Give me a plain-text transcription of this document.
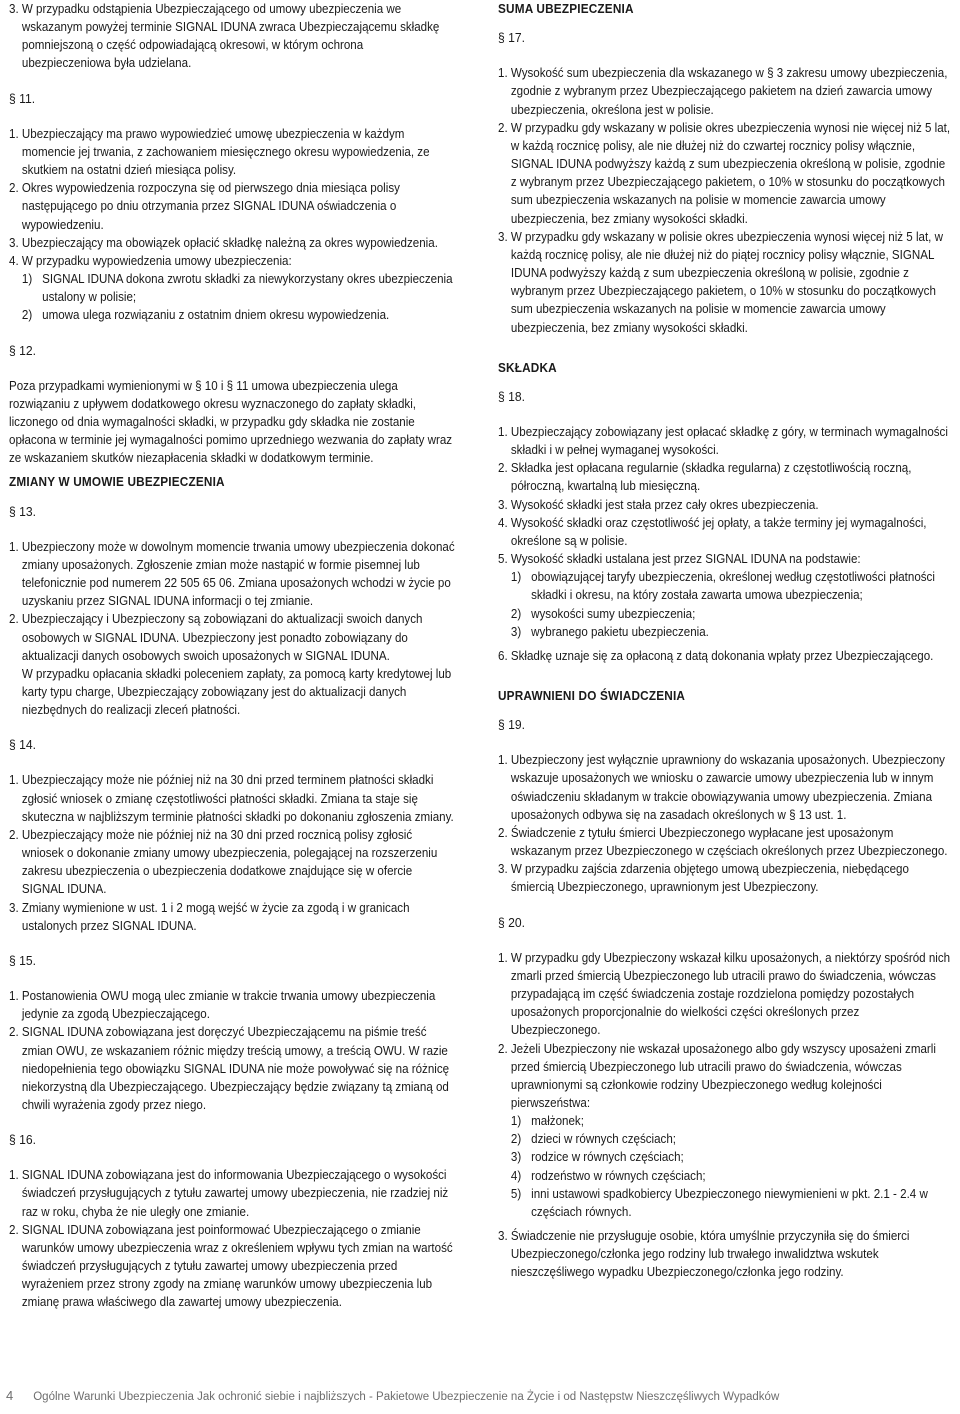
3. W przypadku odstąpienia Ubezpieczającego od umowy ubezpieczenia we wskazanym powyżej terminie SIGNAL IDUNA zwraca Ubezpieczającemu składkę pomniejszoną o część odpowiadającą okresowi, w którym ochrona ubezpieczeniowa była udzielana.
§ 11.
1. Ubezpieczający ma prawo wypowiedzieć umowę ubezpieczenia w każdym momencie jej trwania, z zachowaniem miesięcznego okresu wypowiedzenia, ze skutkiem na ostatni dzień miesiąca polisy.
2. Okres wypowiedzenia rozpoczyna się od pierwszego dnia miesiąca polisy następującego po dniu otrzymania przez SIGNAL IDUNA oświadczenia o wypowiedzeniu.
3. Ubezpieczający ma obowiązek opłacić składkę należną za okres wypowiedzenia.
4. W przypadku wypowiedzenia umowy ubezpieczenia:
1) SIGNAL IDUNA dokona zwrotu składki za niewykorzystany okres ubezpieczenia ustalony w polisie;
2) umowa ulega rozwiązaniu z ostatnim dniem okresu wypowiedzenia.
§ 12.

Poza przypadkami wymienionymi w § 10 i § 11 umowa ubezpieczenia ulega rozwiązaniu z upływem dodatkowego okresu wyznaczonego do zapłaty składki, liczonego od dnia wymagalności składki, w przypadku gdy składka nie zostanie opłacona w terminie jej wymagalności pomimo uprzedniego wezwania do zapłaty wraz ze wskazaniem skutków niezapłacenia składki w dodatkowym terminie.

ZMIANY W UMOWIE UBEZPIECZENIA
§ 13.
1. Ubezpieczony może w dowolnym momencie trwania umowy ubezpieczenia dokonać zmiany uposażonych. Zgłoszenie zmian może nastąpić w formie pisemnej lub telefonicznie pod numerem 22 505 65 06. Zmiana uposażonych wchodzi w życie po uzyskaniu przez SIGNAL IDUNA informacji o tej zmianie.
2. Ubezpieczający i Ubezpieczony są zobowiązani do aktualizacji swoich danych osobowych w SIGNAL IDUNA. Ubezpieczony jest ponadto zobowiązany do aktualizacji danych osobowych swoich uposażonych w SIGNAL IDUNA.
W przypadku opłacania składki poleceniem zapłaty, za pomocą karty kredytowej lub karty typu charge, Ubezpieczający zobowiązany jest do aktualizacji danych niezbędnych do realizacji zleceń płatności.
§ 14.
1. Ubezpieczający może nie później niż na 30 dni przed terminem płatności składki zgłosić wniosek o zmianę częstotliwości płatności składki. Zmiana ta staje się skuteczna w najbliższym terminie płatności składki po dokonaniu zgłoszenia zmiany.
2. Ubezpieczający może nie później niż na 30 dni przed rocznicą polisy zgłosić wniosek o dokonanie zmiany umowy ubezpieczenia, polegającej na rozszerzeniu zakresu ubezpieczenia o ubezpieczenia dodatkowe znajdujące się w ofercie SIGNAL IDUNA.
3. Zmiany wymienione w ust. 1 i 2 mogą wejść w życie za zgodą i w granicach ustalonych przez SIGNAL IDUNA.
§ 15.
1. Postanowienia OWU mogą ulec zmianie w trakcie trwania umowy ubezpieczenia jedynie za zgodą Ubezpieczającego.
2. SIGNAL IDUNA zobowiązana jest doręczyć Ubezpieczającemu na piśmie treść zmian OWU, ze wskazaniem różnic między treścią umowy, a treścią OWU. W razie niedopełnienia tego obowiązku SIGNAL IDUNA nie może powoływać się na różnicę niekorzystną dla Ubezpieczającego. Ubezpieczający będzie związany tą zmianą od chwili wyrażenia zgody przez niego.
§ 16.
1. SIGNAL IDUNA zobowiązana jest do informowania Ubezpieczającego o wysokości świadczeń przysługujących z tytułu zawartej umowy ubezpieczenia, nie rzadziej niż raz w roku, chyba że nie uległy one zmianie.
2. SIGNAL IDUNA zobowiązana jest poinformować Ubezpieczającego o zmianie warunków umowy ubezpieczenia wraz z określeniem wpływu tych zmian na wartość świadczeń przysługujących z tytułu zawartej umowy ubezpieczenia przed wyrażeniem przez strony zgody na zmianę warunków umowy ubezpieczenia lub zmianę prawa właściwego dla zawartej umowy ubezpieczenia.
SUMA UBEZPIECZENIA
§ 17.
1. Wysokość sum ubezpieczenia dla wskazanego w § 3 zakresu umowy ubezpieczenia, zgodnie z wybranym przez Ubezpieczającego pakietem na dzień zawarcia umowy ubezpieczenia, określona jest w polisie.
2. W przypadku gdy wskazany w polisie okres ubezpieczenia wynosi nie więcej niż 5 lat, w każdą rocznicę polisy, ale nie dłużej niż do czwartej rocznicy polisy włącznie, SIGNAL IDUNA podwyższy każdą z sum ubezpieczenia określoną w polisie, zgodnie z wybranym przez Ubezpieczającego pakietem, o 10% w stosunku do początkowych sum ubezpieczenia wskazanych na polisie w momencie zawarcia umowy ubezpieczenia, bez zmiany wysokości składki.
3. W przypadku gdy wskazany w polisie okres ubezpieczenia wynosi więcej niż 5 lat, w każdą rocznicę polisy, ale nie dłużej niż do piątej rocznicy polisy włącznie, SIGNAL IDUNA podwyższy każdą z sum ubezpieczenia określoną w polisie, zgodnie z wybranym przez Ubezpieczającego pakietem, o 10% w stosunku do początkowych sum ubezpieczenia wskazanych na polisie w momencie zawarcia umowy ubezpieczenia, bez zmiany wysokości składki.
SKŁADKA
§ 18.
1. Ubezpieczający zobowiązany jest opłacać składkę z góry, w terminach wymagalności składki i w pełnej wymaganej wysokości.
2. Składka jest opłacana regularnie (składka regularna) z częstotliwością roczną, półroczną, kwartalną lub miesięczną.
3. Wysokość składki jest stała przez cały okres ubezpieczenia.
4. Wysokość składki oraz częstotliwość jej opłaty, a także terminy jej wymagalności, określone są w polisie.
5. Wysokość składki ustalana jest przez SIGNAL IDUNA na podstawie:
1) obowiązującej taryfy ubezpieczenia, określonej według częstotliwości płatności składki i okresu, na który została zawarta umowa ubezpieczenia;
2) wysokości sumy ubezpieczenia;
3) wybranego pakietu ubezpieczenia.
6. Składkę uznaje się za opłaconą z datą dokonania wpłaty przez Ubezpieczającego.
UPRAWNIENI DO ŚWIADCZENIA
§ 19.
1. Ubezpieczony jest wyłącznie uprawniony do wskazania uposażonych. Ubezpieczony wskazuje uposażonych we wniosku o zawarcie umowy ubezpieczenia lub w innym oświadczeniu składanym w trakcie obowiązywania umowy ubezpieczenia. Zmiana uposażonych odbywa się na zasadach określonych w § 13 ust. 1.
2. Świadczenie z tytułu śmierci Ubezpieczonego wypłacane jest uposażonym wskazanym przez Ubezpieczonego w częściach określonych przez Ubezpieczonego.
3. W przypadku zajścia zdarzenia objętego umową ubezpieczenia, niebędącego śmiercią Ubezpieczonego, uprawnionym jest Ubezpieczony.
§ 20.
1. W przypadku gdy Ubezpieczony wskazał kilku uposażonych, a niektórzy spośród nich zmarli przed śmiercią Ubezpieczonego lub utracili prawo do świadczenia, wówczas przypadającą im część świadczenia zostaje rozdzielona pomiędzy pozostałych uposażonych proporcjonalnie do wielkości części określonych przez Ubezpieczonego.
2. Jeżeli Ubezpieczony nie wskazał uposażonego albo gdy wszyscy uposażeni zmarli przed śmiercią Ubezpieczonego lub utracili prawo do świadczenia, wówczas uprawnionymi są członkowie rodziny Ubezpieczonego według kolejności pierwszeństwa:
1) małżonek;
2) dzieci w równych częściach;
3) rodzice w równych częściach;
4) rodzeństwo w równych częściach;
5) inni ustawowi spadkobiercy Ubezpieczonego niewymienieni w pkt. 2.1 - 2.4 w częściach równych.
3. Świadczenie nie przysługuje osobie, która umyślnie przyczyniła się do śmierci Ubezpieczonego/członka jego rodziny lub trwałego inwalidztwa wskutek nieszczęśliwego wypadku Ubezpieczonego/członka jego rodziny.
4 Ogólne Warunki Ubezpieczenia Jak ochronić siebie i najbliższych - Pakietowe Ubezpieczenie na Życie i od Następstw Nieszczęśliwych Wypadków
